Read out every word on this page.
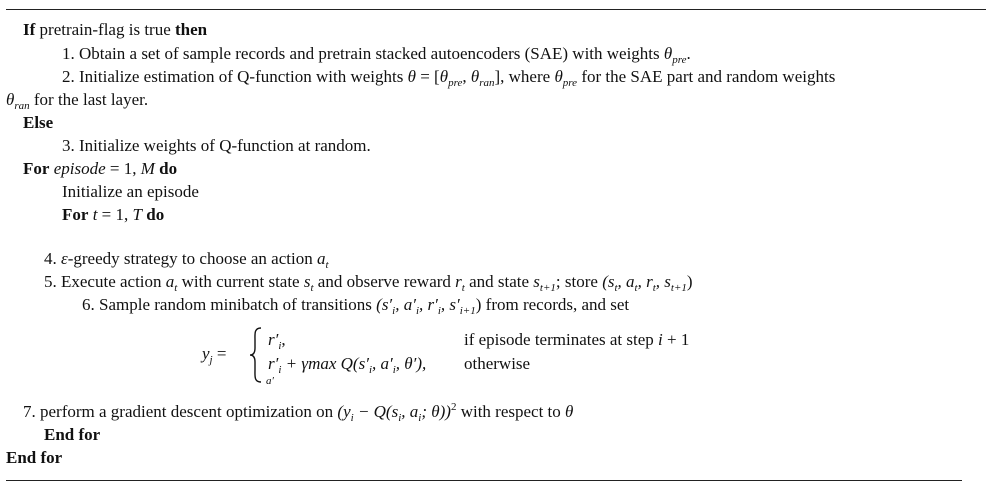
If pretrain-flag is true then
1. Obtain a set of sample records and pretrain stacked autoencoders (SAE) with weights $\theta_{pre}$.
2. Initialize estimation of Q-function with weights $\theta = [\theta_{pre}$, $\theta_{ran}$], where $\theta_{pre}$ for the SAE part and random weights
$\theta_{ran}$ for the last layer.
Else
3. Initialize weights of Q-function at random.
For episode = 1, M do
Initialize an episode
For t = 1, T do
4. ε-greedy strategy to choose an action $a_t$
5. Execute action $a_t$ with current state $s_t$ and observe reward $r_t$ and state $s_{t+1}$; store ($s_t$, $a_t$, $r_t$, $s_{t+1}$)
6. Sample random minibatch of transitions ($s'_i$, $a'_i$, $r'_i$, $s'_{i+1}$) from records, and set
$y_j$ =
$r'_i$,
$r'_i + \gamma\max$ $Q(s'_i$, $a'_i$, θ′),
a′
if episode terminates at step i + 1
otherwise
7. perform a gradient descent optimization on ($y_i - Q(s_i$, $a_i$; θ))$^2$ with respect to θ
End for
End for
